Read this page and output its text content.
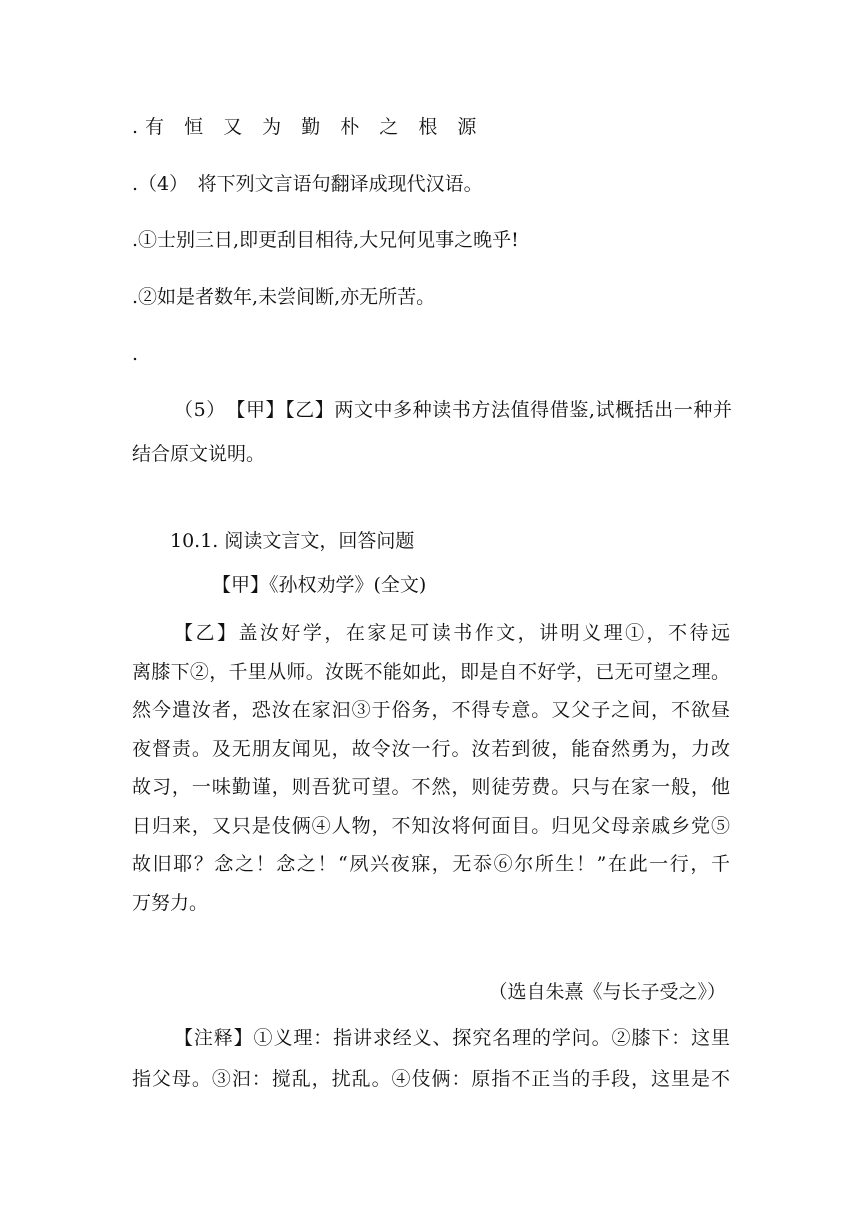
.有 恒 又 为 勤 朴 之 根 源
.（4）　将下列文言语句翻译成现代汉语。
.①士别三日,即更刮目相待,大兄何见事之晚乎!
.②如是者数年,未尝间断,亦无所苦。
.
（5）　【甲】【乙】两文中多种读书方法值得借鉴,试概括出一种并结合原文说明。
10.1. 阅读文言文，回答问题
【甲】《孙权劝学》(全文)
【乙】盖汝好学，在家足可读书作文，讲明义理①，不待远
离膝下②，千里从师。汝既不能如此，即是自不好学，已无可望之理。
然今遣汝者，恐汝在家汩③于俗务，不得专意。又父子之间，不欲昼
夜督责。及无朋友闻见，故令汝一行。汝若到彼，能奋然勇为，力改
故习，一味勤谨，则吾犹可望。不然，则徒劳费。只与在家一般，他
日归来，又只是伎俩④人物，不知汝将何面目。归见父母亲戚乡党⑤
故旧耶？念之！念之！“夙兴夜寐，无忝⑥尔所生！”在此一行，千
万努力。
（选自朱熹《与长子受之》）
【注释】①义理：指讲求经义、探究名理的学问。②膝下：这里
指父母。③汩：搅乱，扰乱。④伎俩：原指不正当的手段，这里是不
